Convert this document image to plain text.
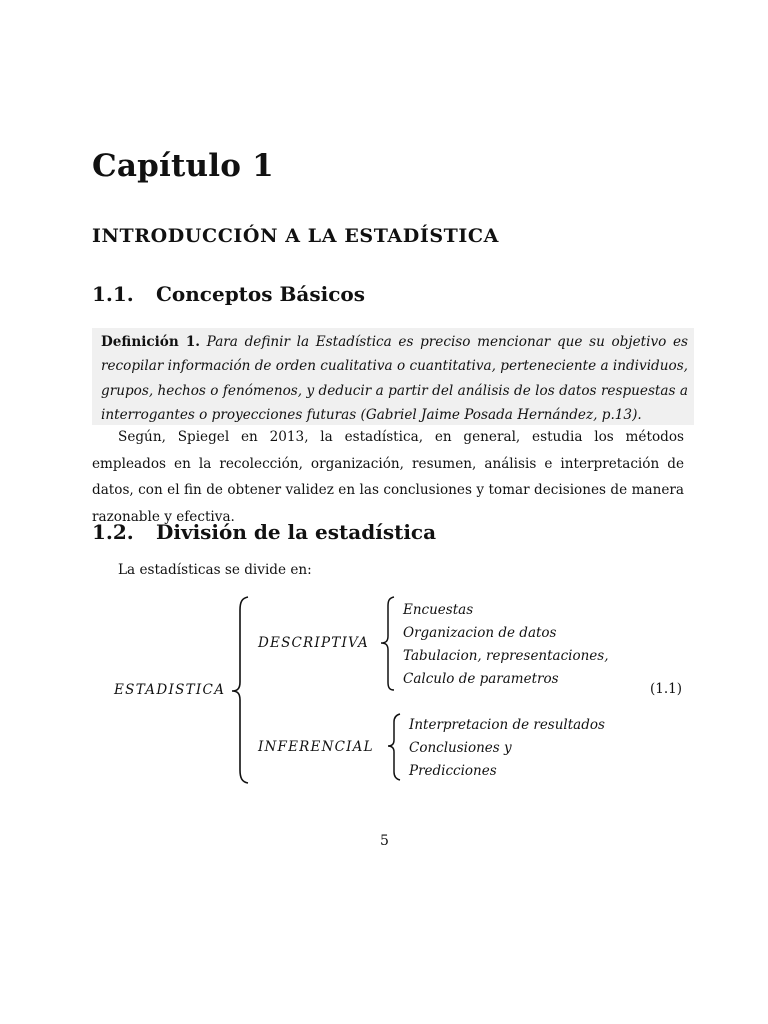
Capítulo 1
INTRODUCCIÓN A LA ESTADÍSTICA
1.1. Conceptos Básicos

Definición 1. Para definir la Estadística es preciso mencionar que su objetivo es recopilar información de orden cualitativa o cuantitativa, perteneciente a individuos, grupos, hechos o fenómenos, y deducir a partir del análisis de los datos respuestas a interrogantes o proyecciones futuras (Gabriel Jaime Posada Hernández, p.13).

Según, Spiegel en 2013, la estadística, en general, estudia los métodos empleados en la recolección, organización, resumen, análisis e interpretación de datos, con el fin de obtener validez en las conclusiones y tomar decisiones de manera razonable y efectiva.

1.2. División de la estadística
La estadísticas se divide en:
ESTADISTICA
DESCRIPTIVA
Encuestas
Organizacion de datos
Tabulacion, representaciones,
Calculo de parametros
INFERENCIAL
Interpretacion de resultados
Conclusiones y
Predicciones
(1.1)
5
